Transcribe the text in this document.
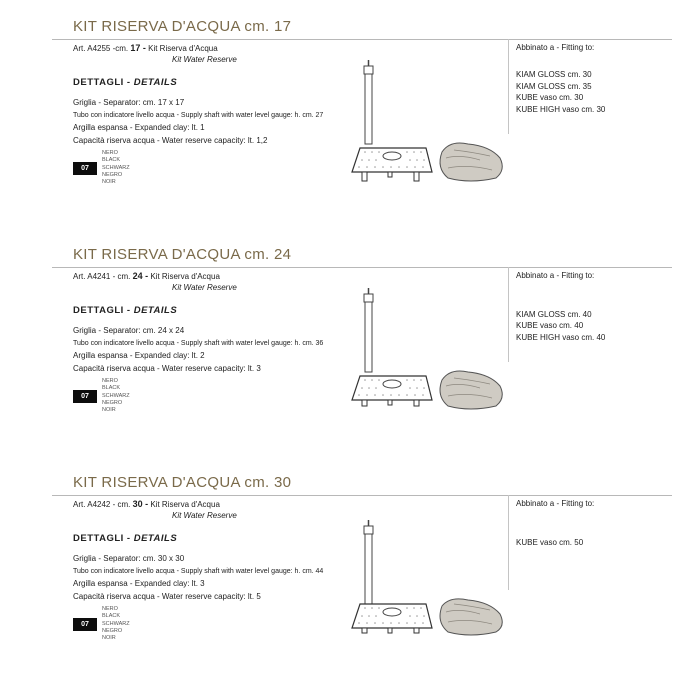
KIT RISERVA D'ACQUA cm. 17
Art. A4255 -cm. 17 - Kit Riserva d'Acqua
Kit Water Reserve
DETTAGLI - DETAILS
Griglia - Separator: cm. 17 x 17
Tubo con indicatore livello acqua - Supply shaft with water level gauge: h. cm. 27
Argilla espansa - Expanded clay: lt. 1
Capacità riserva acqua - Water reserve capacity: lt. 1,2
Abbinato a - Fitting to:
KIAM GLOSS cm. 30
KIAM GLOSS cm. 35
KUBE vaso cm. 30
KUBE HIGH vaso cm. 30
07
NERO
BLACK
SCHWARZ
NEGRO
NOIR
KIT RISERVA D'ACQUA cm. 24
Art. A4241 - cm. 24 - Kit Riserva d'Acqua
Kit Water Reserve
DETTAGLI - DETAILS
Griglia - Separator: cm. 24 x 24
Tubo con indicatore livello acqua - Supply shaft with water level gauge: h. cm. 36
Argilla espansa - Expanded clay: lt. 2
Capacità riserva acqua - Water reserve capacity: lt. 3
Abbinato a - Fitting to:
KIAM GLOSS cm. 40
KUBE vaso cm. 40
KUBE HIGH vaso cm. 40
07
NERO
BLACK
SCHWARZ
NEGRO
NOIR
KIT RISERVA D'ACQUA cm. 30
Art. A4242 - cm. 30 - Kit Riserva d'Acqua
Kit Water Reserve
DETTAGLI - DETAILS
Griglia - Separator: cm. 30 x 30
Tubo con indicatore livello acqua - Supply shaft with water level gauge: h. cm. 44
Argilla espansa - Expanded clay: lt. 3
Capacità riserva acqua - Water reserve capacity: lt. 5
Abbinato a - Fitting to:
KUBE vaso cm. 50
07
NERO
BLACK
SCHWARZ
NEGRO
NOIR
